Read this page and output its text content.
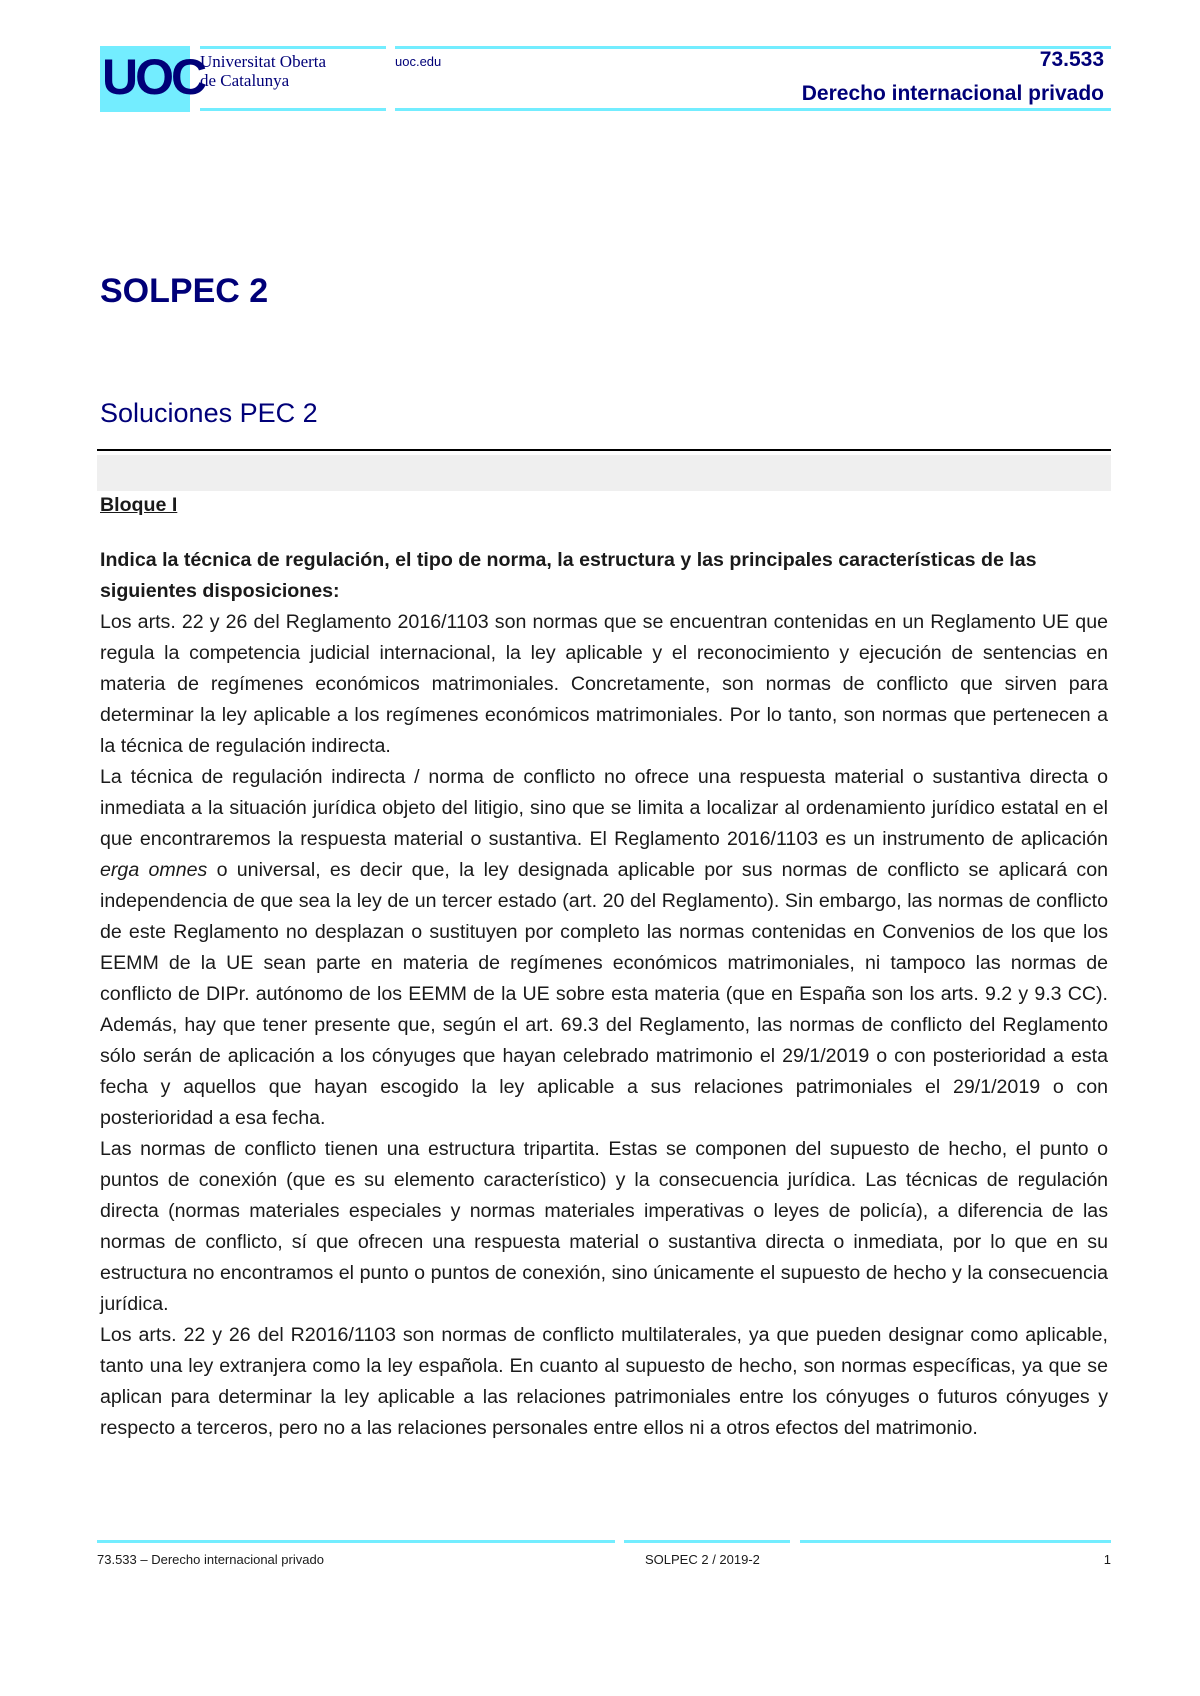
UOC
Universitat Oberta
de Catalunya
uoc.edu	73.533
Derecho internacional privado
SOLPEC 2
Soluciones PEC 2

Bloque I

Indica la técnica de regulación, el tipo de norma, la estructura y las principales características de las siguientes disposiciones:

Los arts. 22 y 26 del Reglamento 2016/1103 son normas que se encuentran contenidas en un Reglamento UE que regula la competencia judicial internacional, la ley aplicable y el reconocimiento y ejecución de sentencias en materia de regímenes económicos matrimoniales. Concretamente, son normas de conflicto que sirven para determinar la ley aplicable a los regímenes económicos matrimoniales. Por lo tanto, son normas que pertenecen a la técnica de regulación indirecta.

La técnica de regulación indirecta / norma de conflicto no ofrece una respuesta material o sustantiva directa o inmediata a la situación jurídica objeto del litigio, sino que se limita a localizar al ordenamiento jurídico estatal en el que encontraremos la respuesta material o sustantiva. El Reglamento 2016/1103 es un instrumento de aplicación erga omnes o universal, es decir que, la ley designada aplicable por sus normas de conflicto se aplicará con independencia de que sea la ley de un tercer estado (art. 20 del Reglamento). Sin embargo, las normas de conflicto de este Reglamento no desplazan o sustituyen por completo las normas contenidas en Convenios de los que los EEMM de la UE sean parte en materia de regímenes económicos matrimoniales, ni tampoco las normas de conflicto de DIPr. autónomo de los EEMM de la UE sobre esta materia (que en España son los arts. 9.2 y 9.3 CC). Además, hay que tener presente que, según el art. 69.3 del Reglamento, las normas de conflicto del Reglamento sólo serán de aplicación a los cónyuges que hayan celebrado matrimonio el 29/1/2019 o con posterioridad a esta fecha y aquellos que hayan escogido la ley aplicable a sus relaciones patrimoniales el 29/1/2019 o con posterioridad a esa fecha.

Las normas de conflicto tienen una estructura tripartita. Estas se componen del supuesto de hecho, el punto o puntos de conexión (que es su elemento característico) y la consecuencia jurídica. Las técnicas de regulación directa (normas materiales especiales y normas materiales imperativas o leyes de policía), a diferencia de las normas de conflicto, sí que ofrecen una respuesta material o sustantiva directa o inmediata, por lo que en su estructura no encontramos el punto o puntos de conexión, sino únicamente el supuesto de hecho y la consecuencia jurídica.

Los arts. 22 y 26 del R2016/1103 son normas de conflicto multilaterales, ya que pueden designar como aplicable, tanto una ley extranjera como la ley española. En cuanto al supuesto de hecho, son normas específicas, ya que se aplican para determinar la ley aplicable a las relaciones patrimoniales entre los cónyuges o futuros cónyuges y respecto a terceros, pero no a las relaciones personales entre ellos ni a otros efectos del matrimonio.

73.533 – Derecho internacional privado	SOLPEC 2 / 2019-2	1
